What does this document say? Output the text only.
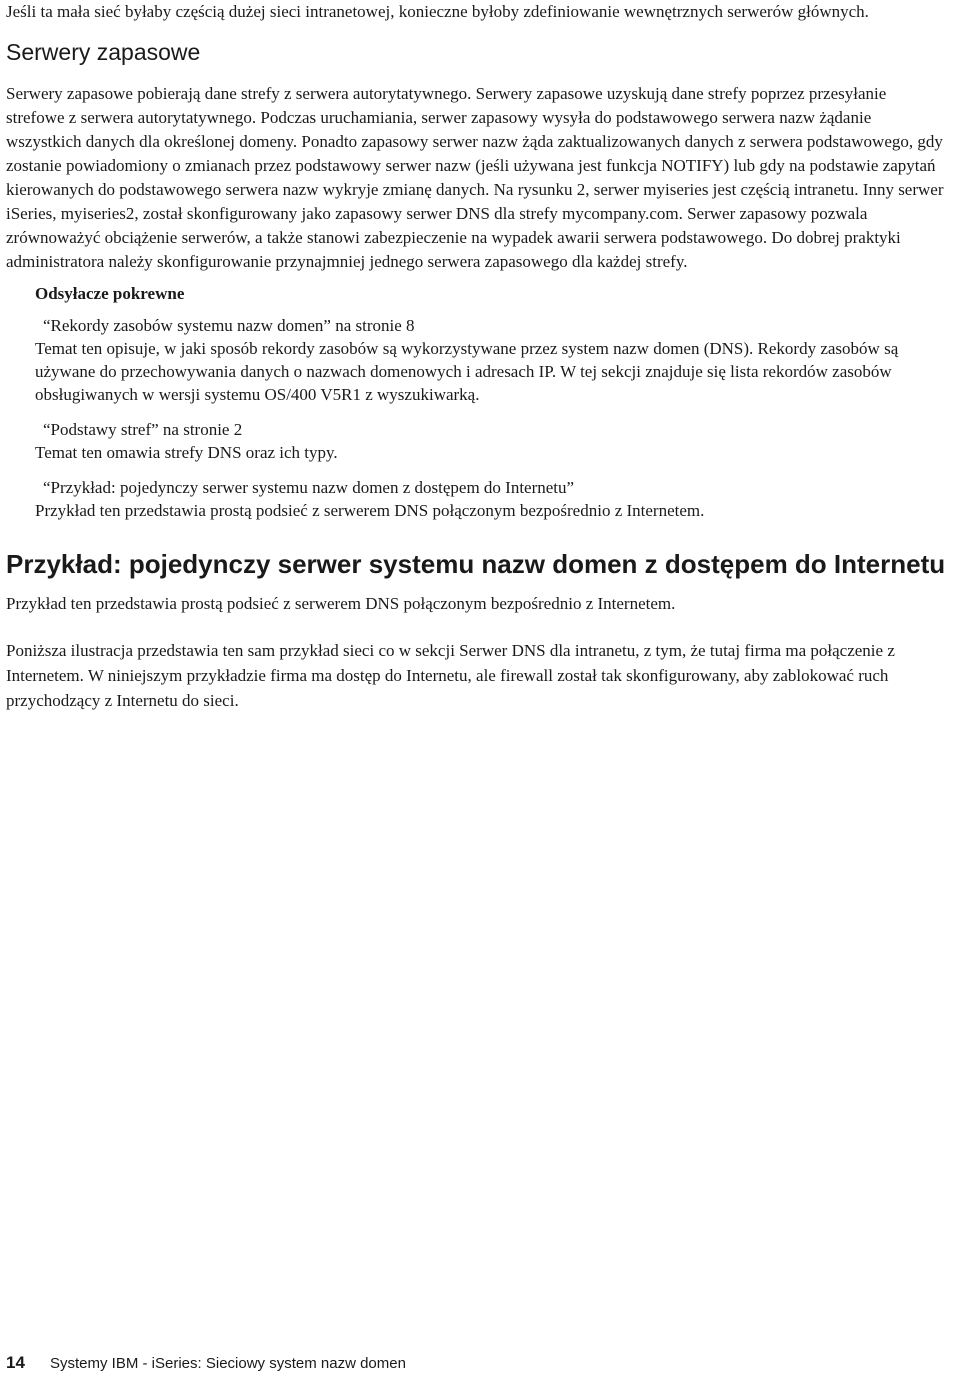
Jeśli ta mała sieć byłaby częścią dużej sieci intranetowej, konieczne byłoby zdefiniowanie wewnętrznych serwerów głównych.

Serwery zapasowe

Serwery zapasowe pobierają dane strefy z serwera autorytatywnego. Serwery zapasowe uzyskują dane strefy poprzez przesyłanie strefowe z serwera autorytatywnego. Podczas uruchamiania, serwer zapasowy wysyła do podstawowego serwera nazw żądanie wszystkich danych dla określonej domeny. Ponadto zapasowy serwer nazw żąda zaktualizowanych danych z serwera podstawowego, gdy zostanie powiadomiony o zmianach przez podstawowy serwer nazw (jeśli używana jest funkcja NOTIFY) lub gdy na podstawie zapytań kierowanych do podstawowego serwera nazw wykryje zmianę danych. Na rysunku 2, serwer myiseries jest częścią intranetu. Inny serwer iSeries, myiseries2, został skonfigurowany jako zapasowy serwer DNS dla strefy mycompany.com. Serwer zapasowy pozwala zrównoważyć obciążenie serwerów, a także stanowi zabezpieczenie na wypadek awarii serwera podstawowego. Do dobrej praktyki administratora należy skonfigurowanie przynajmniej jednego serwera zapasowego dla każdej strefy.

Odsyłacze pokrewne

“Rekordy zasobów systemu nazw domen” na stronie 8

Temat ten opisuje, w jaki sposób rekordy zasobów są wykorzystywane przez system nazw domen (DNS). Rekordy zasobów są używane do przechowywania danych o nazwach domenowych i adresach IP. W tej sekcji znajduje się lista rekordów zasobów obsługiwanych w wersji systemu OS/400 V5R1 z wyszukiwarką.

“Podstawy stref” na stronie 2

Temat ten omawia strefy DNS oraz ich typy.

“Przykład: pojedynczy serwer systemu nazw domen z dostępem do Internetu”

Przykład ten przedstawia prostą podsieć z serwerem DNS połączonym bezpośrednio z Internetem.

Przykład: pojedynczy serwer systemu nazw domen z dostępem do Internetu

Przykład ten przedstawia prostą podsieć z serwerem DNS połączonym bezpośrednio z Internetem.

Poniższa ilustracja przedstawia ten sam przykład sieci co w sekcji Serwer DNS dla intranetu, z tym, że tutaj firma ma połączenie z Internetem. W niniejszym przykładzie firma ma dostęp do Internetu, ale firewall został tak skonfigurowany, aby zablokować ruch przychodzący z Internetu do sieci.

14 Systemy IBM - iSeries: Sieciowy system nazw domen
